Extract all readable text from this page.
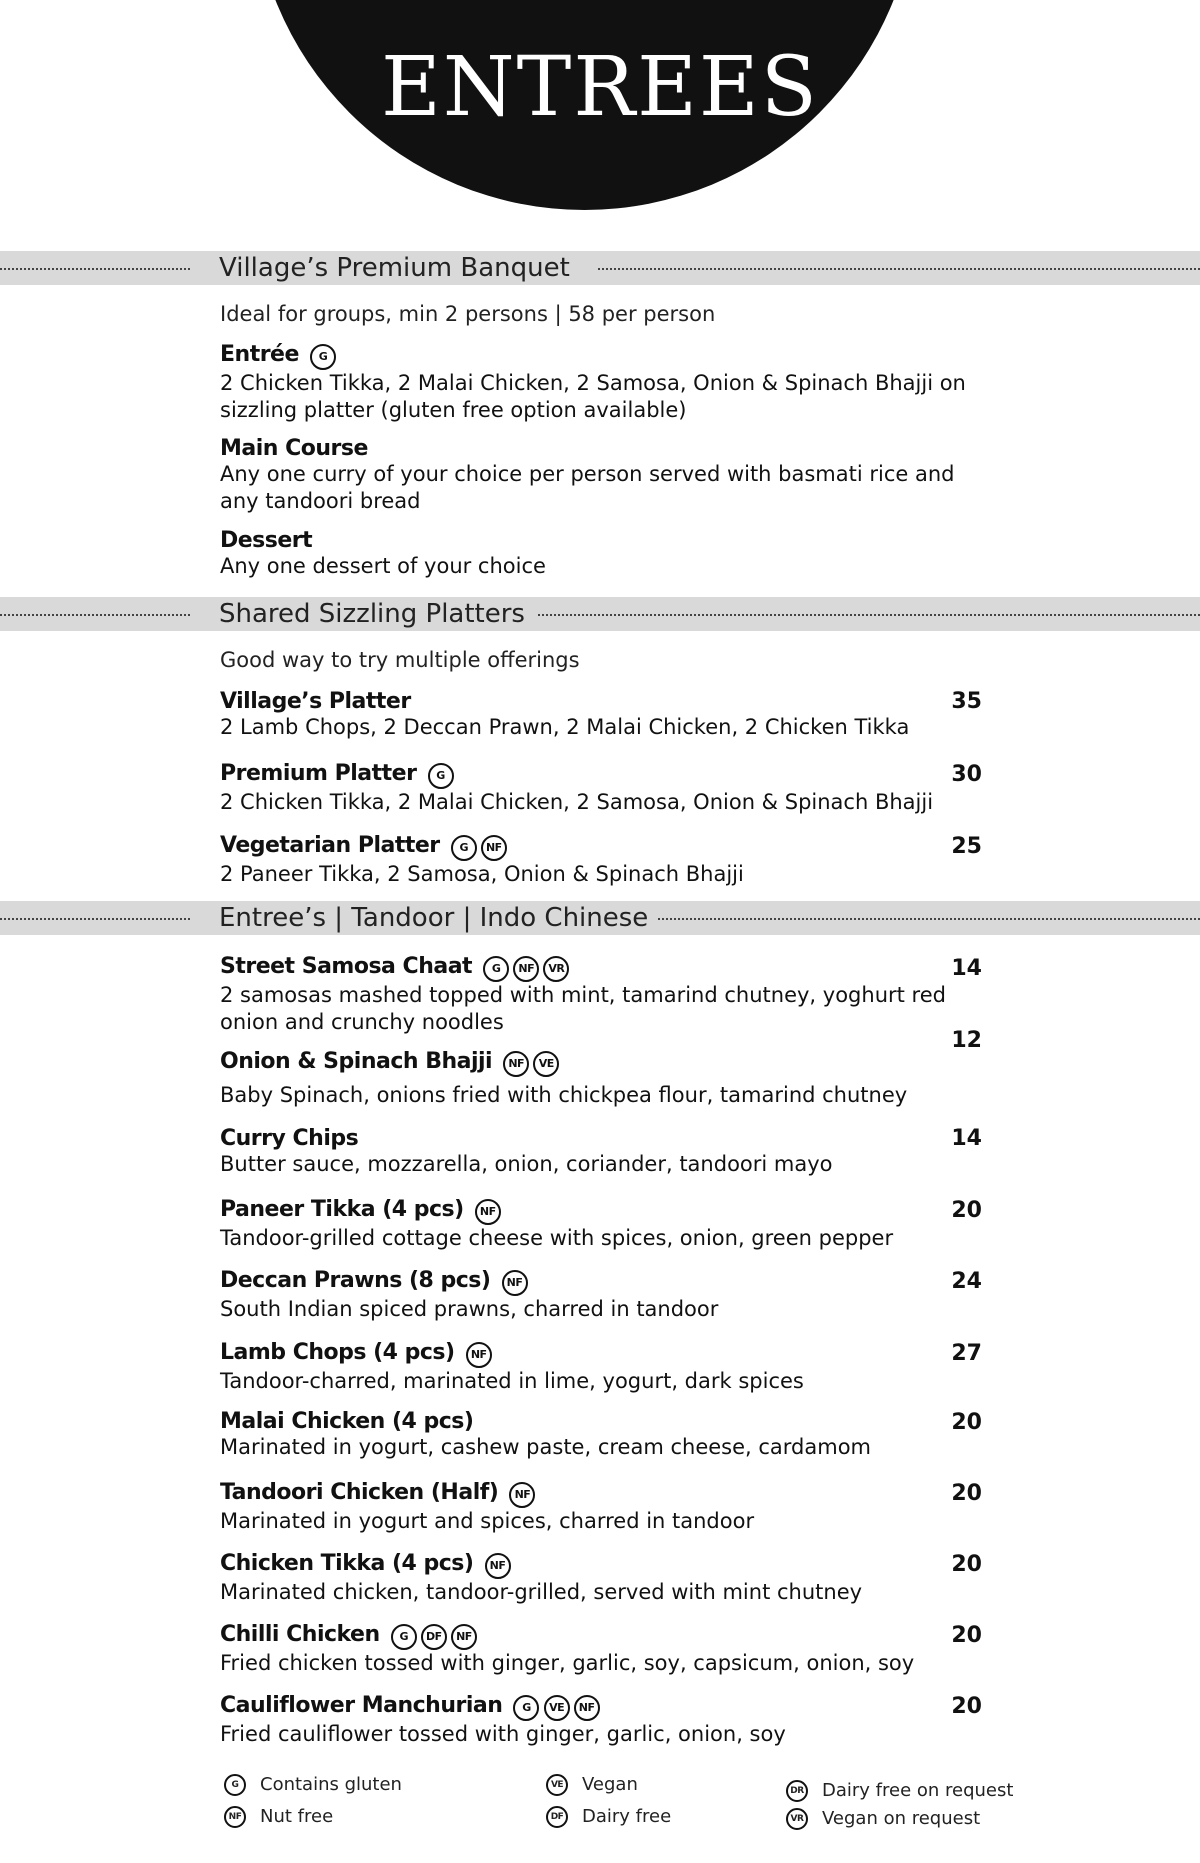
ENTREES
Village’s Premium Banquet
Ideal for groups, min 2 persons | 58 per person
Entrée G
2 Chicken Tikka, 2 Malai Chicken, 2 Samosa, Onion & Spinach Bhajji on sizzling platter (gluten free option available)
Main Course
Any one curry of your choice per person served with basmati rice and any tandoori bread
Dessert
Any one dessert of your choice
Shared Sizzling Platters
Good way to try multiple offerings
Village’s Platter
2 Lamb Chops, 2 Deccan Prawn, 2 Malai Chicken, 2 Chicken Tikka
35
Premium Platter G
2 Chicken Tikka, 2 Malai Chicken, 2 Samosa, Onion & Spinach Bhajji
30
Vegetarian Platter G NF
2 Paneer Tikka, 2 Samosa, Onion & Spinach Bhajji
25
Entree’s | Tandoor | Indo Chinese
Street Samosa Chaat G NF VR
2 samosas mashed topped with mint, tamarind chutney, yoghurt red onion and crunchy noodles
14
Onion & Spinach Bhajji NF VE
Baby Spinach, onions fried with chickpea flour, tamarind chutney
12
Curry Chips
Butter sauce, mozzarella, onion, coriander, tandoori mayo
14
Paneer Tikka (4 pcs) NF
Tandoor-grilled cottage cheese with spices, onion, green pepper
20
Deccan Prawns (8 pcs) NF
South Indian spiced prawns, charred in tandoor
24
Lamb Chops (4 pcs) NF
Tandoor-charred, marinated in lime, yogurt, dark spices
27
Malai Chicken (4 pcs)
Marinated in yogurt, cashew paste, cream cheese, cardamom
20
Tandoori Chicken (Half) NF
Marinated in yogurt and spices, charred in tandoor
20
Chicken Tikka (4 pcs) NF
Marinated chicken, tandoor-grilled, served with mint chutney
20
Chilli Chicken G DF NF
Fried chicken tossed with ginger, garlic, soy, capsicum, onion, soy
20
Cauliflower Manchurian G VE NF
Fried cauliflower tossed with ginger, garlic, onion, soy
20
G Contains gluten
NF Nut free
VE Vegan
DF Dairy free
DR Dairy free on request
VR Vegan on request
